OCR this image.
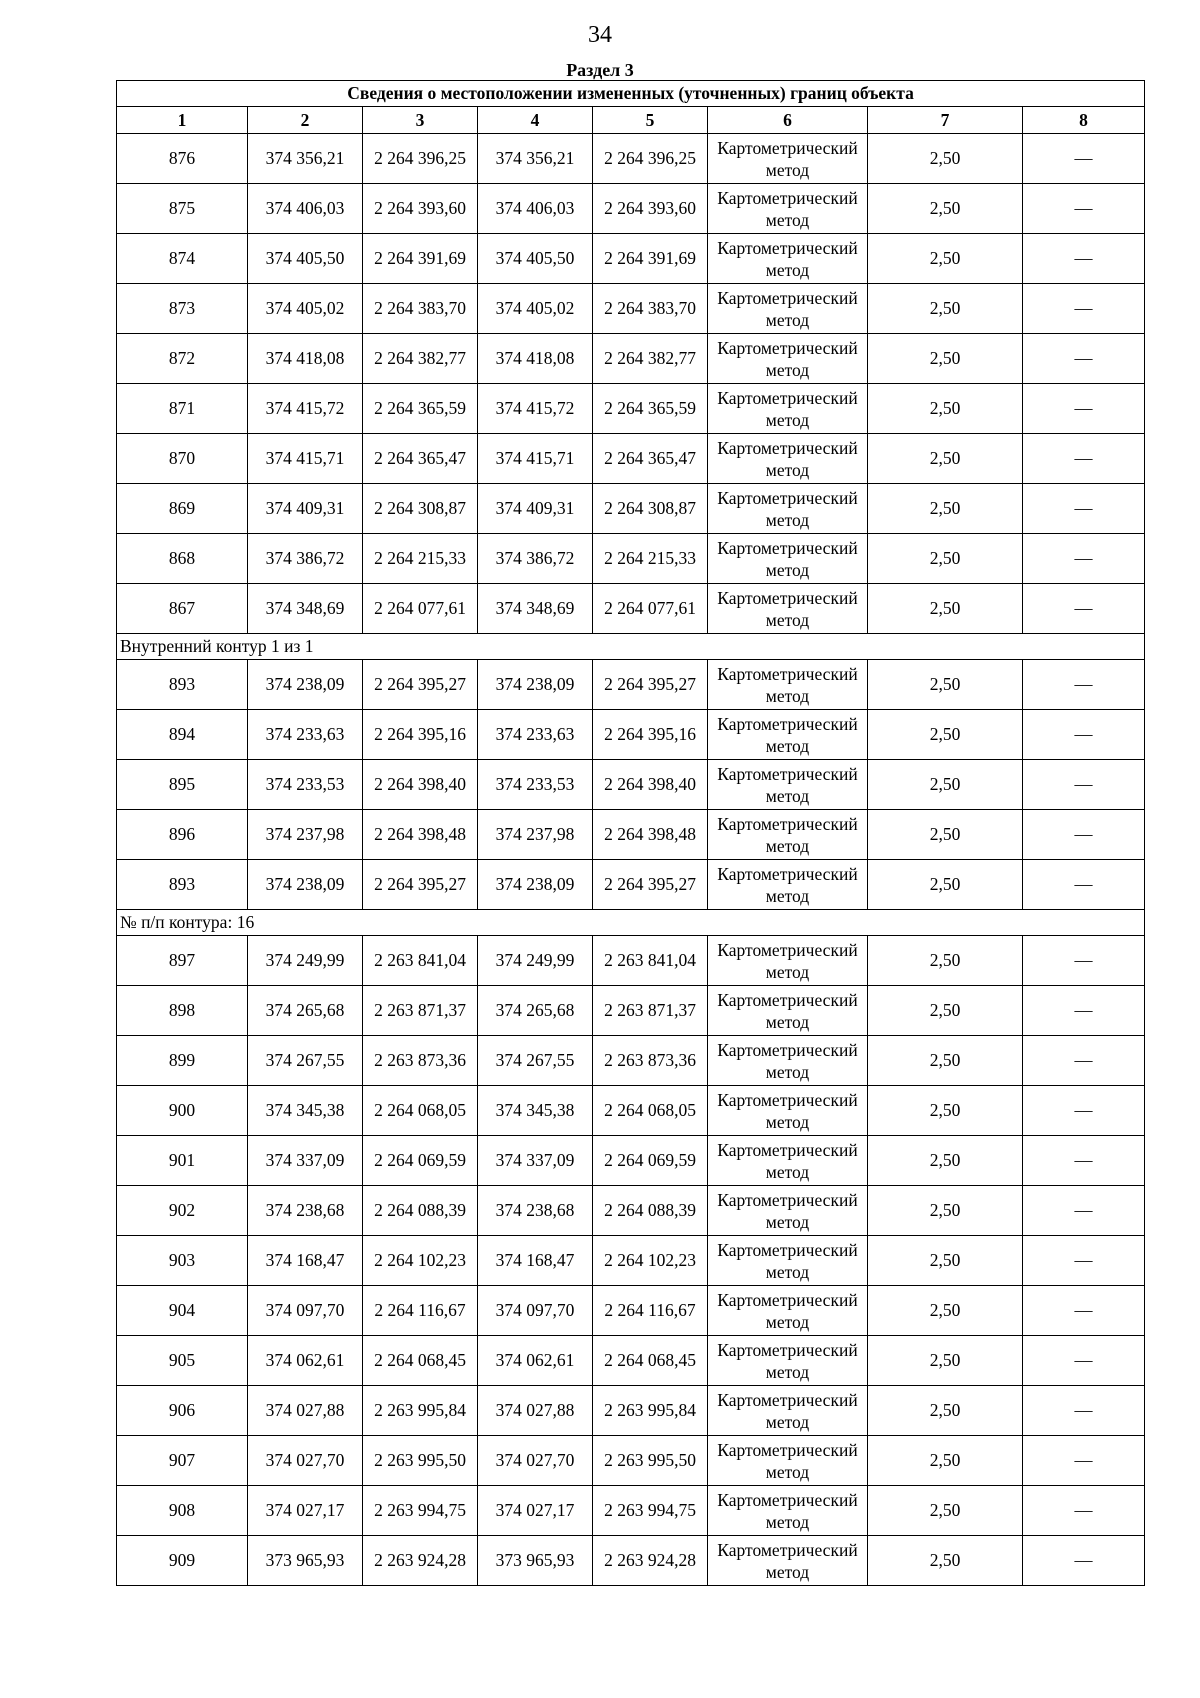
34
Раздел 3
Сведения о местоположении измененных (уточненных) границ объекта							
1	2	3	4	5	6	7	8
876	374 356,21	2 264 396,25	374 356,21	2 264 396,25	Картометрический метод	2,50	—
875	374 406,03	2 264 393,60	374 406,03	2 264 393,60	Картометрический метод	2,50	—
874	374 405,50	2 264 391,69	374 405,50	2 264 391,69	Картометрический метод	2,50	—
873	374 405,02	2 264 383,70	374 405,02	2 264 383,70	Картометрический метод	2,50	—
872	374 418,08	2 264 382,77	374 418,08	2 264 382,77	Картометрический метод	2,50	—
871	374 415,72	2 264 365,59	374 415,72	2 264 365,59	Картометрический метод	2,50	—
870	374 415,71	2 264 365,47	374 415,71	2 264 365,47	Картометрический метод	2,50	—
869	374 409,31	2 264 308,87	374 409,31	2 264 308,87	Картометрический метод	2,50	—
868	374 386,72	2 264 215,33	374 386,72	2 264 215,33	Картометрический метод	2,50	—
867	374 348,69	2 264 077,61	374 348,69	2 264 077,61	Картометрический метод	2,50	—
Внутренний контур 1 из 1							
893	374 238,09	2 264 395,27	374 238,09	2 264 395,27	Картометрический метод	2,50	—
894	374 233,63	2 264 395,16	374 233,63	2 264 395,16	Картометрический метод	2,50	—
895	374 233,53	2 264 398,40	374 233,53	2 264 398,40	Картометрический метод	2,50	—
896	374 237,98	2 264 398,48	374 237,98	2 264 398,48	Картометрический метод	2,50	—
893	374 238,09	2 264 395,27	374 238,09	2 264 395,27	Картометрический метод	2,50	—
№ п/п контура: 16							
897	374 249,99	2 263 841,04	374 249,99	2 263 841,04	Картометрический метод	2,50	—
898	374 265,68	2 263 871,37	374 265,68	2 263 871,37	Картометрический метод	2,50	—
899	374 267,55	2 263 873,36	374 267,55	2 263 873,36	Картометрический метод	2,50	—
900	374 345,38	2 264 068,05	374 345,38	2 264 068,05	Картометрический метод	2,50	—
901	374 337,09	2 264 069,59	374 337,09	2 264 069,59	Картометрический метод	2,50	—
902	374 238,68	2 264 088,39	374 238,68	2 264 088,39	Картометрический метод	2,50	—
903	374 168,47	2 264 102,23	374 168,47	2 264 102,23	Картометрический метод	2,50	—
904	374 097,70	2 264 116,67	374 097,70	2 264 116,67	Картометрический метод	2,50	—
905	374 062,61	2 264 068,45	374 062,61	2 264 068,45	Картометрический метод	2,50	—
906	374 027,88	2 263 995,84	374 027,88	2 263 995,84	Картометрический метод	2,50	—
907	374 027,70	2 263 995,50	374 027,70	2 263 995,50	Картометрический метод	2,50	—
908	374 027,17	2 263 994,75	374 027,17	2 263 994,75	Картометрический метод	2,50	—
909	373 965,93	2 263 924,28	373 965,93	2 263 924,28	Картометрический метод	2,50	—
